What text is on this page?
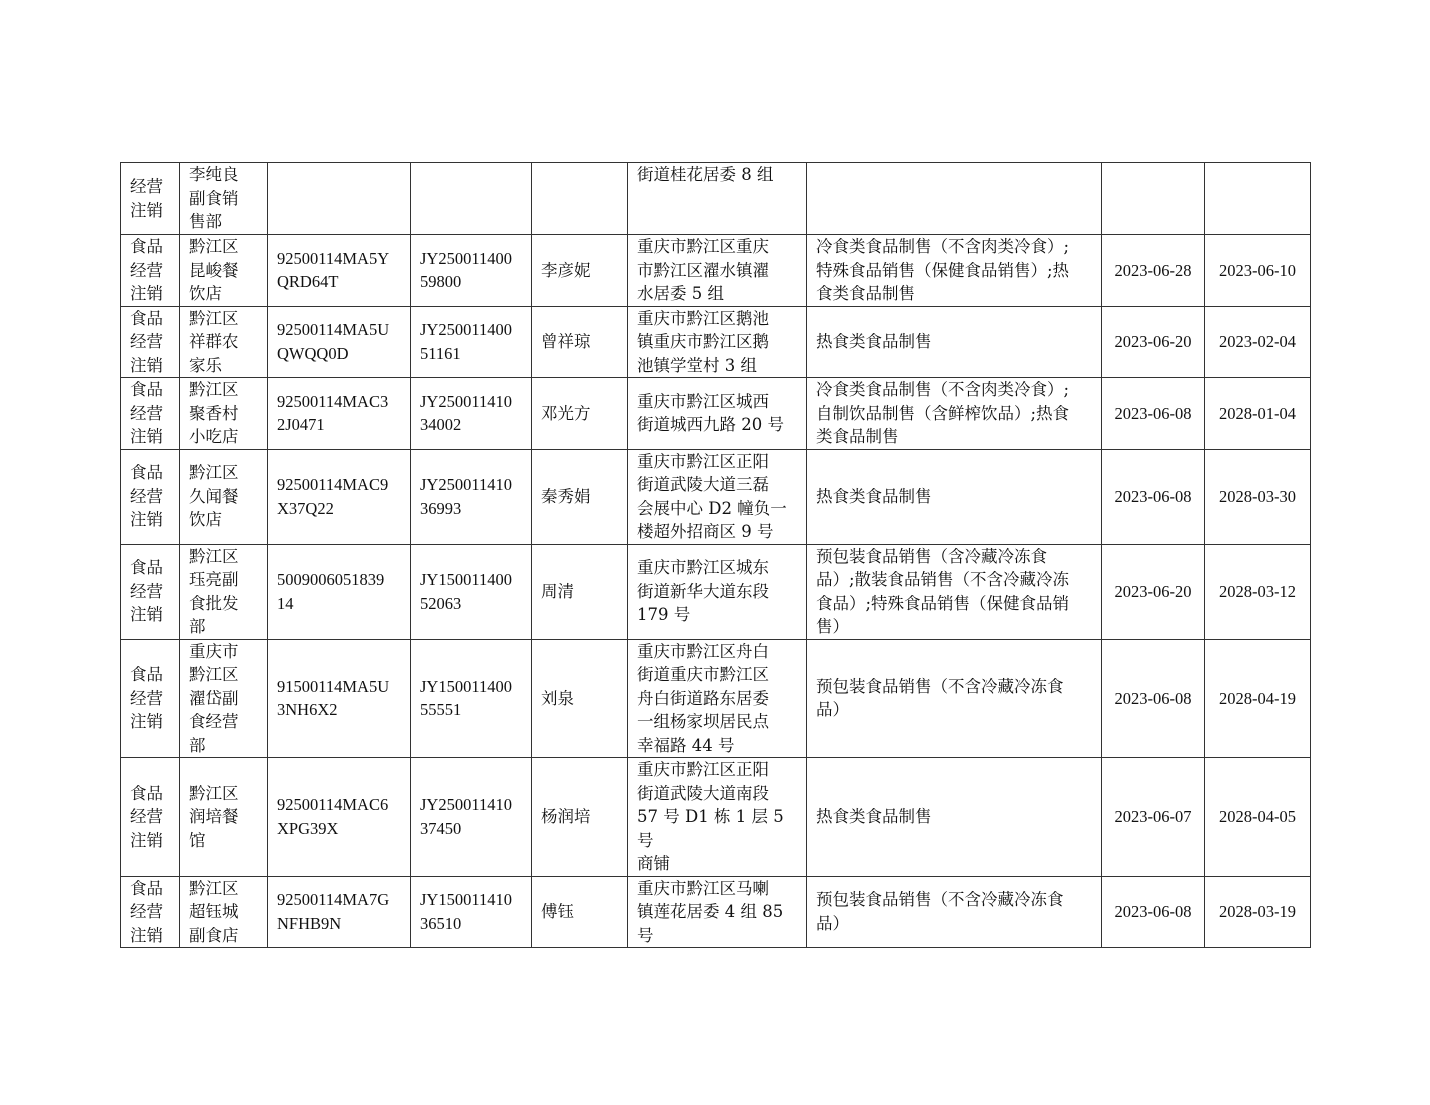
经营
注销	李纯良
副食销
售部				街道桂花居委 8 组			
食品
经营
注销	黔江区
昆峻餐
饮店	92500114MA5Y
QRD64T	JY250011400
59800	李彦妮	重庆市黔江区重庆
市黔江区濯水镇濯
水居委 5 组	冷食类食品制售（不含肉类冷食）;
特殊食品销售（保健食品销售）;热
食类食品制售	2023-06-28	2023-06-10
食品
经营
注销	黔江区
祥群农
家乐	92500114MA5U
QWQQ0D	JY250011400
51161	曾祥琼	重庆市黔江区鹅池
镇重庆市黔江区鹅
池镇学堂村 3 组	热食类食品制售	2023-06-20	2023-02-04
食品
经营
注销	黔江区
聚香村
小吃店	92500114MAC3
2J0471	JY250011410
34002	邓光方	重庆市黔江区城西
街道城西九路 20 号	冷食类食品制售（不含肉类冷食）;
自制饮品制售（含鲜榨饮品）;热食
类食品制售	2023-06-08	2028-01-04
食品
经营
注销	黔江区
久闻餐
饮店	92500114MAC9
X37Q22	JY250011410
36993	秦秀娟	重庆市黔江区正阳
街道武陵大道三磊
会展中心 D2 幢负一
楼超外招商区 9 号	热食类食品制售	2023-06-08	2028-03-30
食品
经营
注销	黔江区
珏亮副
食批发
部	5009006051839
14	JY150011400
52063	周清	重庆市黔江区城东
街道新华大道东段
179 号	预包装食品销售（含冷藏冷冻食
品）;散装食品销售（不含冷藏冷冻
食品）;特殊食品销售（保健食品销
售）	2023-06-20	2028-03-12
食品
经营
注销	重庆市
黔江区
濯岱副
食经营
部	91500114MA5U
3NH6X2	JY150011400
55551	刘泉	重庆市黔江区舟白
街道重庆市黔江区
舟白街道路东居委
一组杨家坝居民点
幸福路 44 号	预包装食品销售（不含冷藏冷冻食
品）	2023-06-08	2028-04-19
食品
经营
注销	黔江区
润培餐
馆	92500114MAC6
XPG39X	JY250011410
37450	杨润培	重庆市黔江区正阳
街道武陵大道南段
57 号 D1 栋 1 层 5 号
商铺	热食类食品制售	2023-06-07	2028-04-05
食品
经营
注销	黔江区
超钰城
副食店	92500114MA7G
NFHB9N	JY150011410
36510	傅钰	重庆市黔江区马喇
镇莲花居委 4 组 85
号	预包装食品销售（不含冷藏冷冻食
品）	2023-06-08	2028-03-19
